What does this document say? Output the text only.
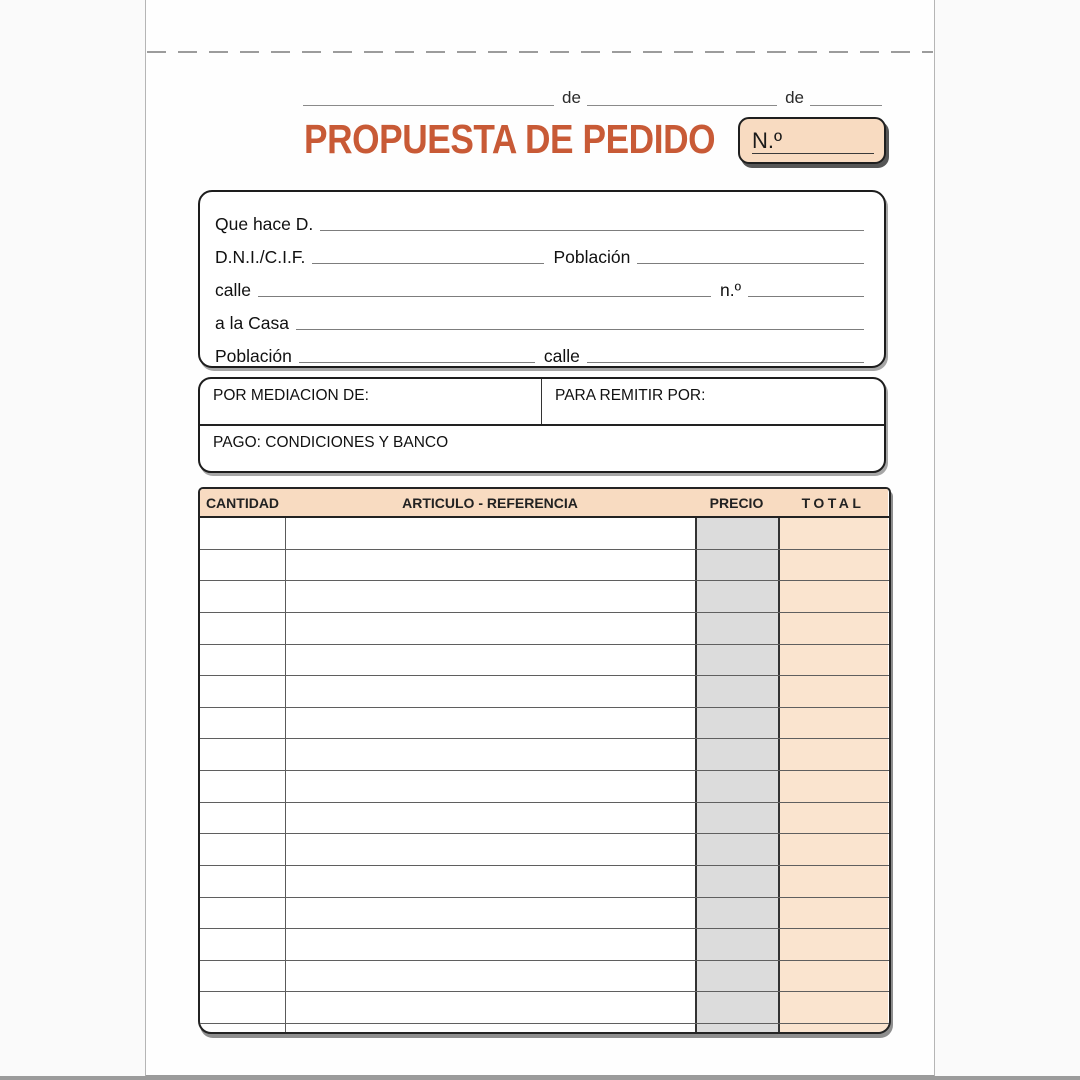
de	de
PROPUESTA DE PEDIDO N.º
Que hace D.
D.N.I./C.I.F.	Población
calle	n.º
a la Casa
Población	calle
POR MEDIACION DE:	PARA REMITIR POR:
PAGO: CONDICIONES Y BANCO
CANTIDAD	ARTICULO - REFERENCIA	PRECIO	TOTAL
